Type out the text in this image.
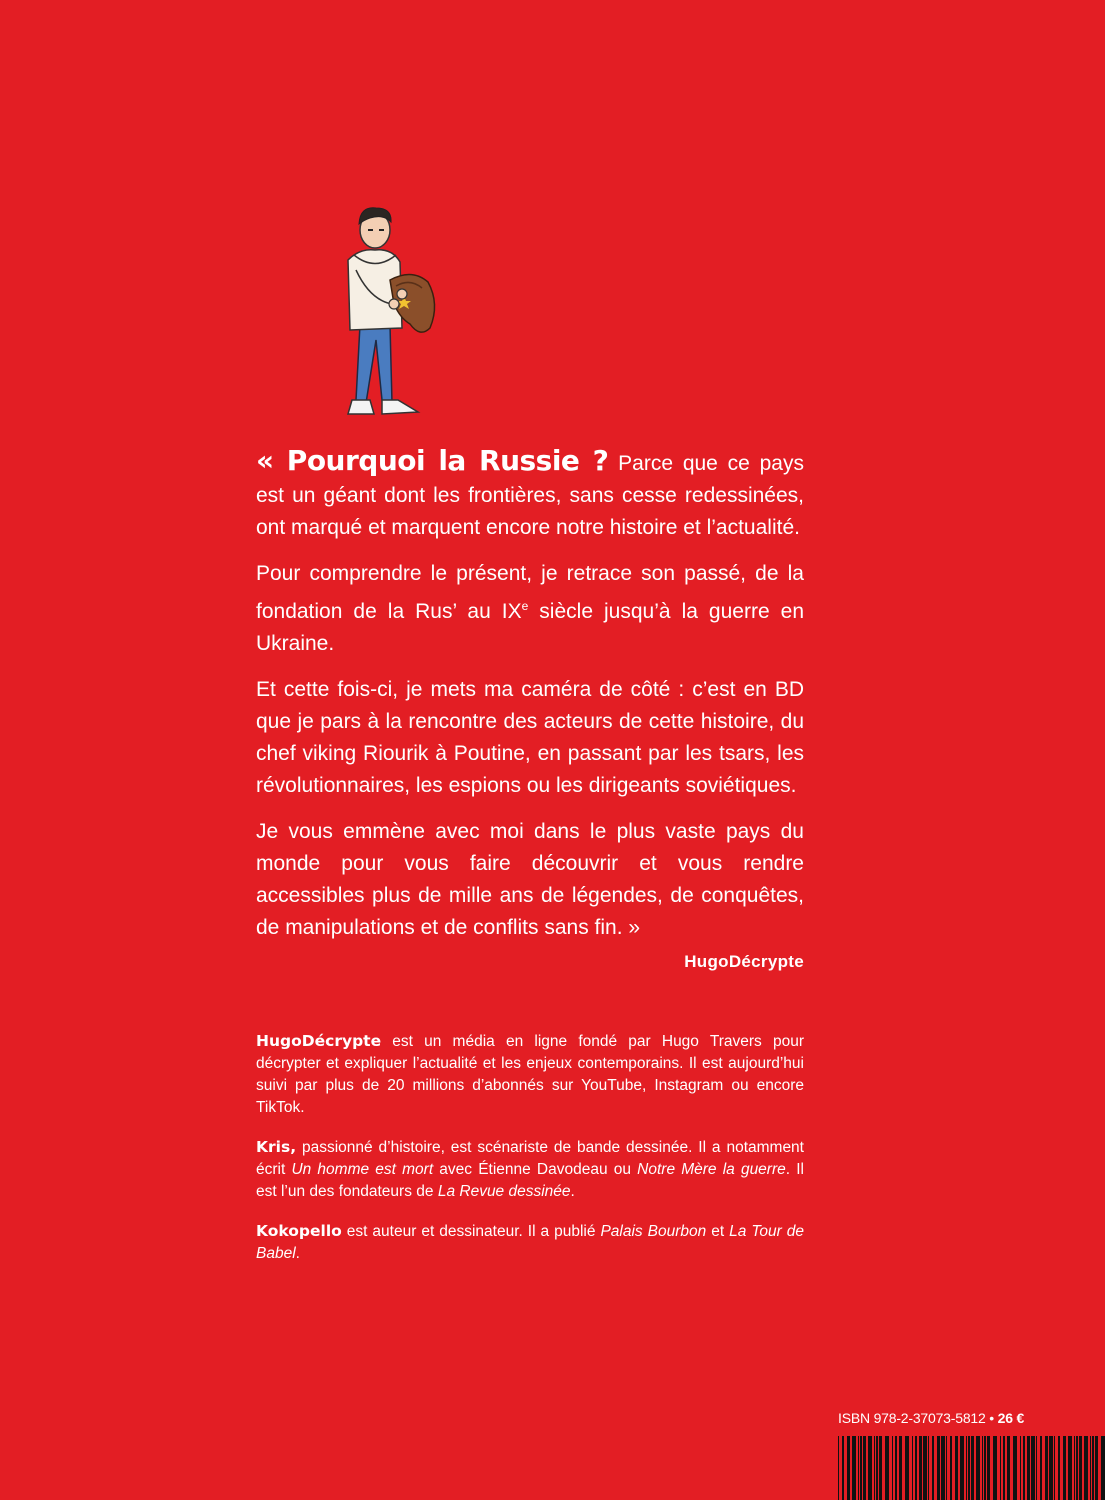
« Pourquoi la Russie ? Parce que ce pays est un géant dont les frontières, sans cesse redessinées, ont marqué et marquent encore notre histoire et l’actualité.

Pour comprendre le présent, je retrace son passé, de la fondation de la Rus’ au IXe siècle jusqu’à la guerre en Ukraine.

Et cette fois-ci, je mets ma caméra de côté : c’est en BD que je pars à la rencontre des acteurs de cette histoire, du chef viking Riourik à Poutine, en passant par les tsars, les révolutionnaires, les espions ou les dirigeants soviétiques.

Je vous emmène avec moi dans le plus vaste pays du monde pour vous faire découvrir et vous rendre accessibles plus de mille ans de légendes, de conquêtes, de manipulations et de conflits sans fin. »

HugoDécrypte

HugoDécrypte est un média en ligne fondé par Hugo Travers pour décrypter et expliquer l’actualité et les enjeux contemporains. Il est aujourd’hui suivi par plus de 20 millions d’abonnés sur YouTube, Instagram ou encore TikTok.

Kris, passionné d’histoire, est scénariste de bande dessinée. Il a notamment écrit Un homme est mort avec Étienne Davodeau ou Notre Mère la guerre. Il est l’un des fondateurs de La Revue dessinée.

Kokopello est auteur et dessinateur. Il a publié Palais Bourbon et La Tour de Babel.

ISBN 978-2-37073-5812 • 26 €
